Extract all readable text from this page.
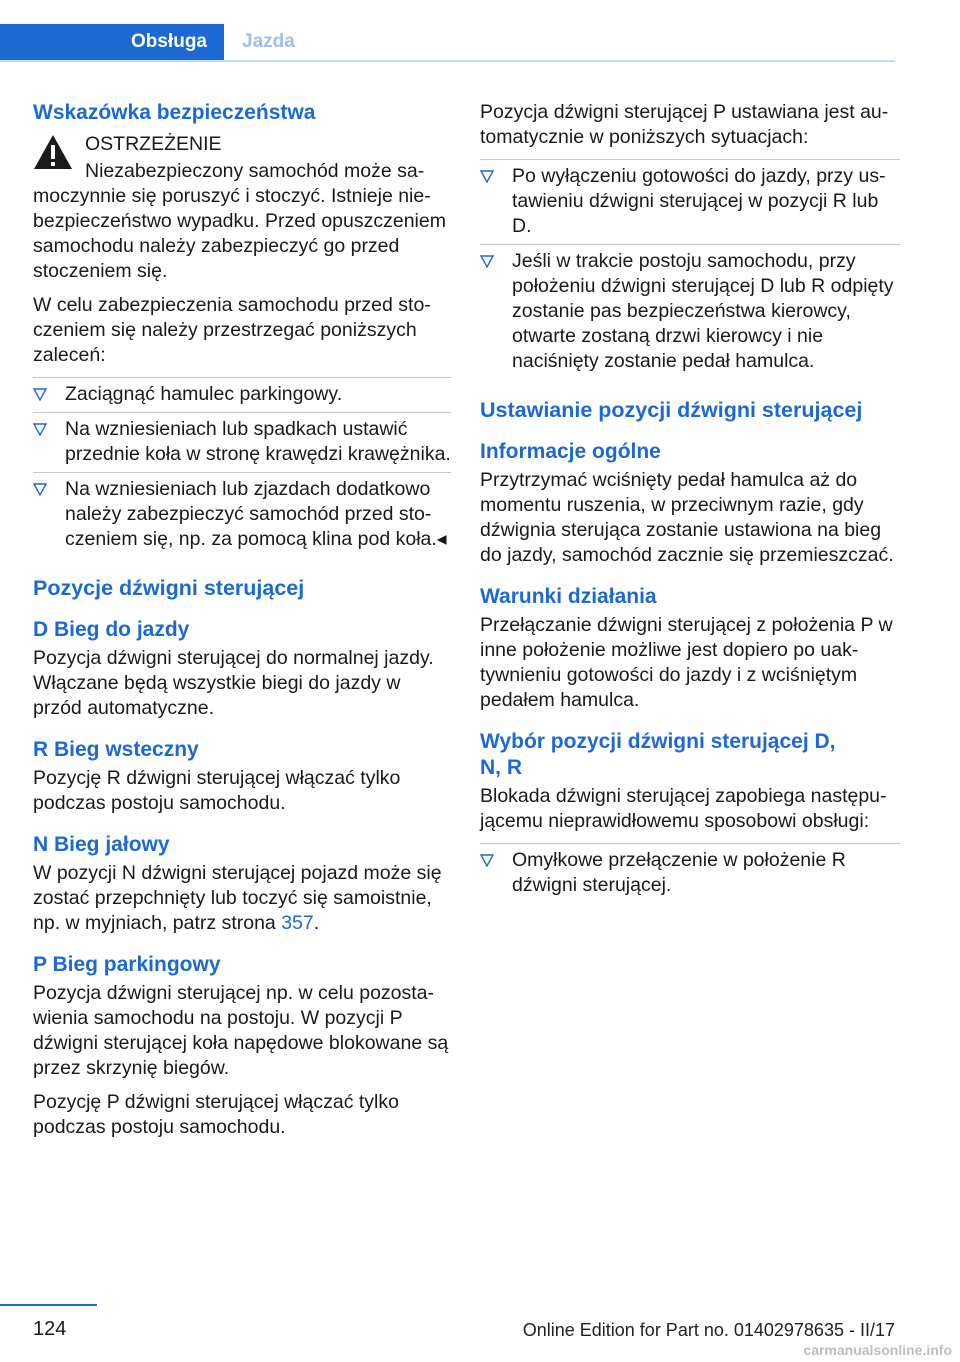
Obsługa Jazda
Wskazówka bezpieczeństwa

OSTRZEŻENIE

Niezabezpieczony samochód może samoczynnie się poruszyć i stoczyć. Istnieje niebezpieczeństwo wypadku. Przed opuszczeniem samochodu należy zabezpieczyć go przed stoczeniem się.

W celu zabezpieczenia samochodu przed stoczeniem się należy przestrzegać poniższych zaleceń:

Zaciągnąć hamulec parkingowy.
Na wzniesieniach lub spadkach ustawić przednie koła w stronę krawędzi krawężnika.
Na wzniesieniach lub zjazdach dodatkowo należy zabezpieczyć samochód przed stoczeniem się, np. za pomocą klina pod koła.◂
Pozycje dźwigni sterującej
D Bieg do jazdy

Pozycja dźwigni sterującej do normalnej jazdy. Włączane będą wszystkie biegi do jazdy w przód automatyczne.

R Bieg wsteczny

Pozycję R dźwigni sterującej włączać tylko podczas postoju samochodu.

N Bieg jałowy

W pozycji N dźwigni sterującej pojazd może się zostać przepchnięty lub toczyć się samoistnie, np. w myjniach, patrz strona 357.

P Bieg parkingowy

Pozycja dźwigni sterującej np. w celu pozostawienia samochodu na postoju. W pozycji P dźwigni sterującej koła napędowe blokowane są przez skrzynię biegów.

Pozycję P dźwigni sterującej włączać tylko podczas postoju samochodu.

Pozycja dźwigni sterującej P ustawiana jest automatycznie w poniższych sytuacjach:

Po wyłączeniu gotowości do jazdy, przy ustawieniu dźwigni sterującej w pozycji R lub D.
Jeśli w trakcie postoju samochodu, przy położeniu dźwigni sterującej D lub R odpięty zostanie pas bezpieczeństwa kierowcy, otwarte zostaną drzwi kierowcy i nie naciśnięty zostanie pedał hamulca.
Ustawianie pozycji dźwigni sterującej
Informacje ogólne

Przytrzymać wciśnięty pedał hamulca aż do momentu ruszenia, w przeciwnym razie, gdy dźwignia sterująca zostanie ustawiona na bieg do jazdy, samochód zacznie się przemieszczać.

Warunki działania

Przełączanie dźwigni sterującej z położenia P w inne położenie możliwe jest dopiero po uaktywnieniu gotowości do jazdy i z wciśniętym pedałem hamulca.

Wybór pozycji dźwigni sterującej D, N, R

Blokada dźwigni sterującej zapobiega następującemu nieprawidłowemu sposobowi obsługi:

Omyłkowe przełączenie w położenie R dźwigni sterującej.
124	Online Edition for Part no. 01402978635 - II/17
carmanualsonline.info
